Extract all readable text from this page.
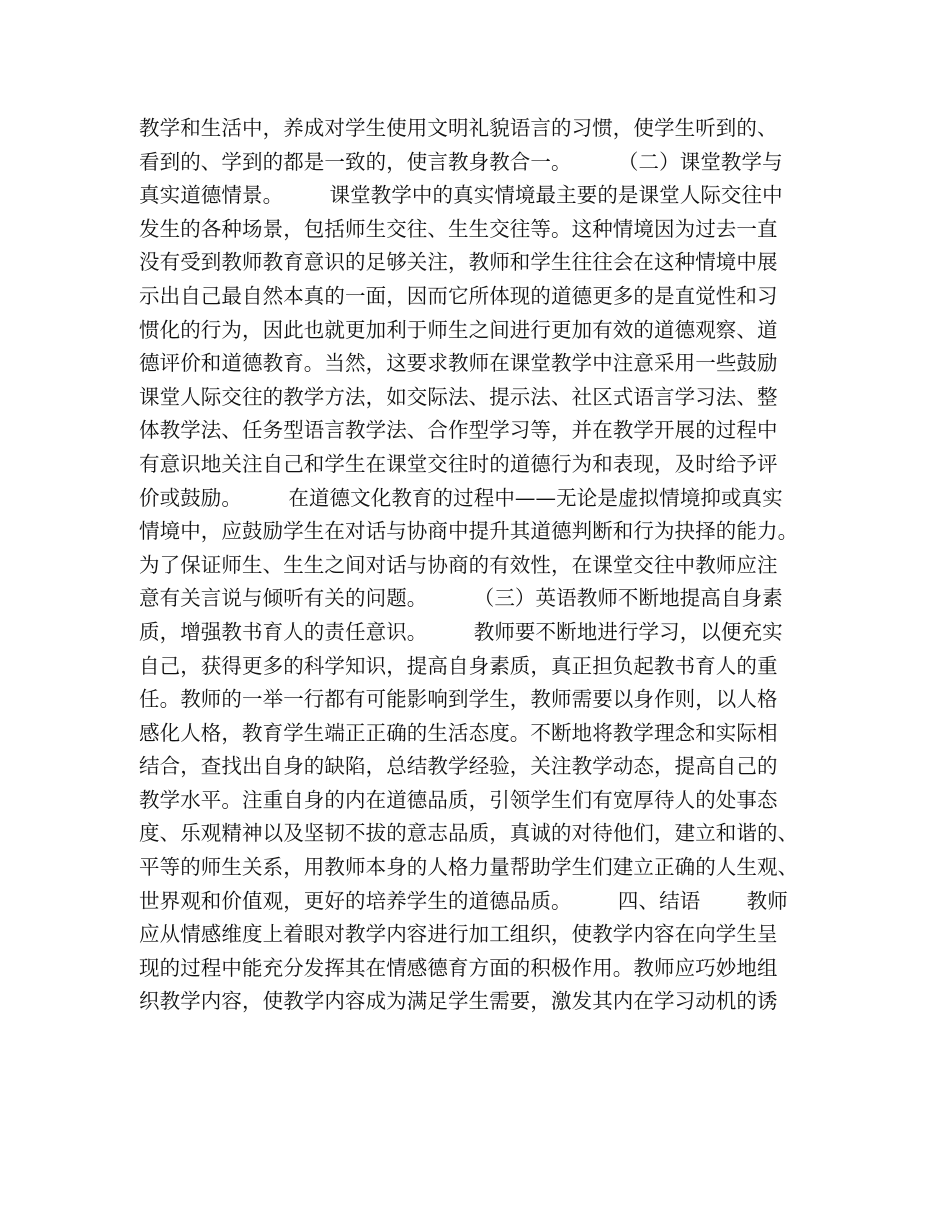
教学和生活中，养成对学生使用文明礼貌语言的习惯，使学生听到的、
看到的、学到的都是一致的，使言教身教合一。       （二）课堂教学与
真实道德情景。       课堂教学中的真实情境最主要的是课堂人际交往中
发生的各种场景，包括师生交往、生生交往等。这种情境因为过去一直
没有受到教师教育意识的足够关注，教师和学生往往会在这种情境中展
示出自己最自然本真的一面，因而它所体现的道德更多的是直觉性和习
惯化的行为，因此也就更加利于师生之间进行更加有效的道德观察、道
德评价和道德教育。当然，这要求教师在课堂教学中注意采用一些鼓励
课堂人际交往的教学方法，如交际法、提示法、社区式语言学习法、整
体教学法、任务型语言教学法、合作型学习等，并在教学开展的过程中
有意识地关注自己和学生在课堂交往时的道德行为和表现，及时给予评
价或鼓励。       在道德文化教育的过程中——无论是虚拟情境抑或真实
情境中，应鼓励学生在对话与协商中提升其道德判断和行为抉择的能力。
为了保证师生、生生之间对话与协商的有效性，在课堂交往中教师应注
意有关言说与倾听有关的问题。       （三）英语教师不断地提高自身素
质，增强教书育人的责任意识。       教师要不断地进行学习，以便充实
自己，获得更多的科学知识，提高自身素质，真正担负起教书育人的重
任。教师的一举一行都有可能影响到学生，教师需要以身作则，以人格
感化人格，教育学生端正正确的生活态度。不断地将教学理念和实际相
结合，查找出自身的缺陷，总结教学经验，关注教学动态，提高自己的
教学水平。注重自身的内在道德品质，引领学生们有宽厚待人的处事态
度、乐观精神以及坚韧不拔的意志品质，真诚的对待他们，建立和谐的、
平等的师生关系，用教师本身的人格力量帮助学生们建立正确的人生观、
世界观和价值观，更好的培养学生的道德品质。       四、结语       教师
应从情感维度上着眼对教学内容进行加工组织，使教学内容在向学生呈
现的过程中能充分发挥其在情感德育方面的积极作用。教师应巧妙地组
织教学内容，使教学内容成为满足学生需要，激发其内在学习动机的诱
